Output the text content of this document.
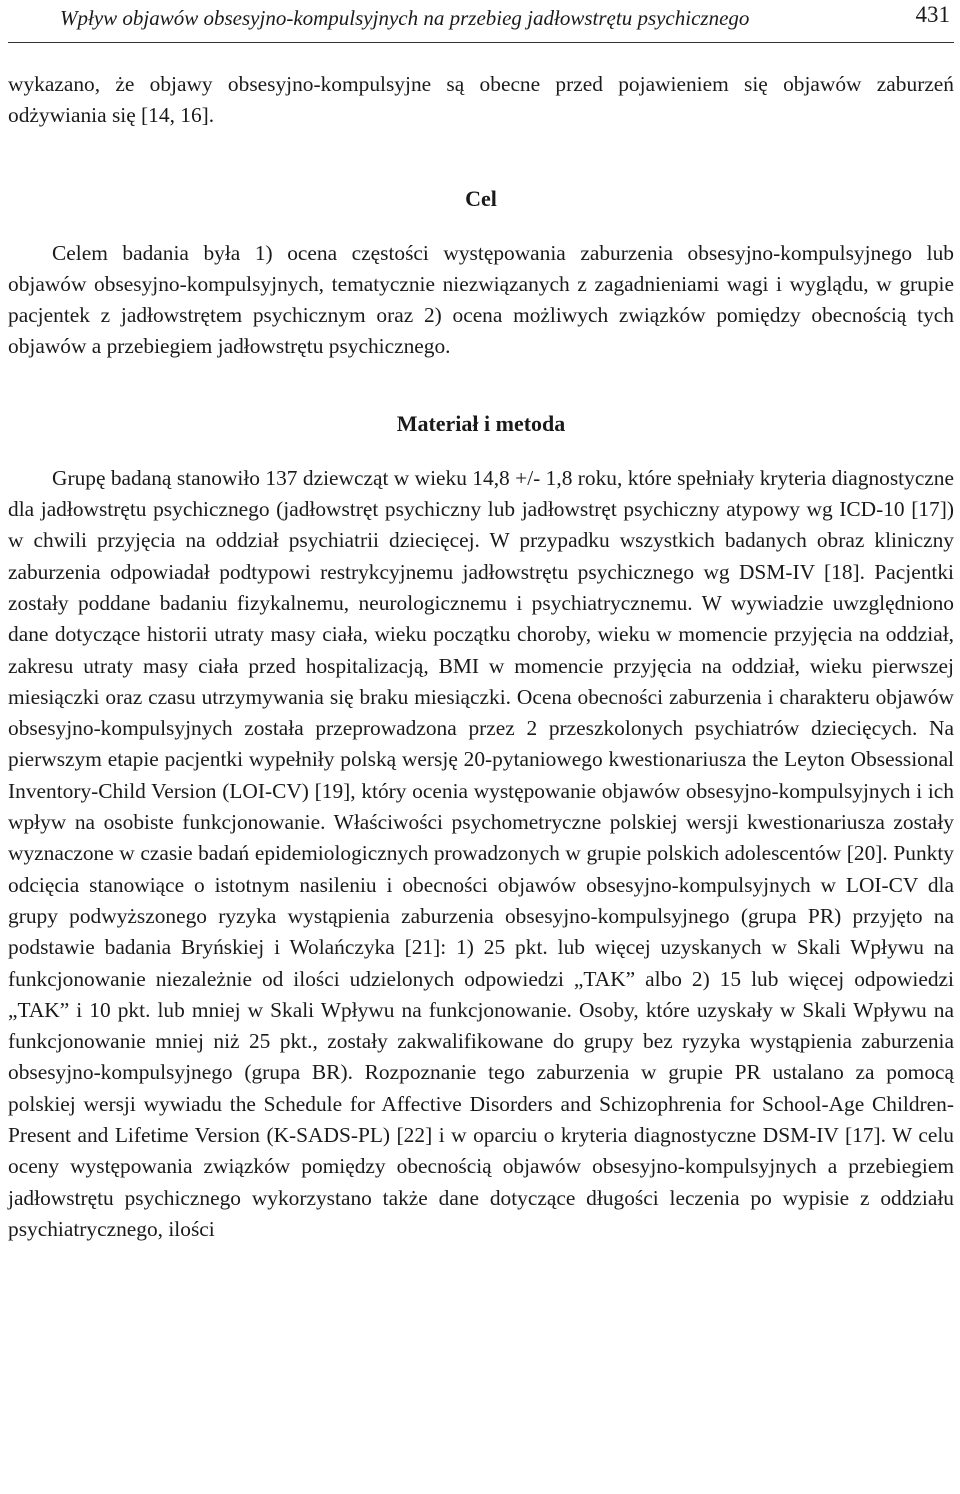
Wpływ objawów obsesyjno-kompulsyjnych na przebieg jadłowstrętu psychicznego	431

wykazano, że objawy obsesyjno-kompulsyjne są obecne przed pojawieniem się objawów zaburzeń odżywiania się [14, 16].

Cel

Celem badania była 1) ocena częstości występowania zaburzenia obsesyjno-kompulsyjnego lub objawów obsesyjno-kompulsyjnych, tematycznie niezwiązanych z zagadnieniami wagi i wyglądu, w grupie pacjentek z jadłowstrętem psychicznym oraz 2) ocena możliwych związków pomiędzy obecnością tych objawów a przebiegiem jadłowstrętu psychicznego.

Materiał i metoda

Grupę badaną stanowiło 137 dziewcząt w wieku 14,8 +/- 1,8 roku, które spełniały kryteria diagnostyczne dla jadłowstrętu psychicznego (jadłowstręt psychiczny lub jadłowstręt psychiczny atypowy wg ICD-10 [17]) w chwili przyjęcia na oddział psychiatrii dziecięcej. W przypadku wszystkich badanych obraz kliniczny zaburzenia odpowiadał podtypowi restrykcyjnemu jadłowstrętu psychicznego wg DSM-IV [18]. Pacjentki zostały poddane badaniu fizykalnemu, neurologicznemu i psychiatrycznemu. W wywiadzie uwzględniono dane dotyczące historii utraty masy ciała, wieku początku choroby, wieku w momencie przyjęcia na oddział, zakresu utraty masy ciała przed hospitalizacją, BMI w momencie przyjęcia na oddział, wieku pierwszej miesiączki oraz czasu utrzymywania się braku miesiączki. Ocena obecności zaburzenia i charakteru objawów obsesyjno-kompulsyjnych została przeprowadzona przez 2 przeszkolonych psychiatrów dziecięcych. Na pierwszym etapie pacjentki wypełniły polską wersję 20-pytaniowego kwestionariusza the Leyton Obsessional Inventory-Child Version (LOI-CV) [19], który ocenia występowanie objawów obsesyjno-kompulsyjnych i ich wpływ na osobiste funkcjonowanie. Właściwości psychometryczne polskiej wersji kwestionariusza zostały wyznaczone w czasie badań epidemiologicznych prowadzonych w grupie polskich adolescentów [20]. Punkty odcięcia stanowiące o istotnym nasileniu i obecności objawów obsesyjno-kompulsyjnych w LOI-CV dla grupy podwyższonego ryzyka wystąpienia zaburzenia obsesyjno-kompulsyjnego (grupa PR) przyjęto na podstawie badania Bryńskiej i Wolańczyka [21]: 1) 25 pkt. lub więcej uzyskanych w Skali Wpływu na funkcjonowanie niezależnie od ilości udzielonych odpowiedzi „TAK” albo 2) 15 lub więcej odpowiedzi „TAK” i 10 pkt. lub mniej w Skali Wpływu na funkcjonowanie. Osoby, które uzyskały w Skali Wpływu na funkcjonowanie mniej niż 25 pkt., zostały zakwalifikowane do grupy bez ryzyka wystąpienia zaburzenia obsesyjno-kompulsyjnego (grupa BR). Rozpoznanie tego zaburzenia w grupie PR ustalano za pomocą polskiej wersji wywiadu the Schedule for Affective Disorders and Schizophrenia for School-Age Children-Present and Lifetime Version (K-SADS-PL) [22] i w oparciu o kryteria diagnostyczne DSM-IV [17]. W celu oceny występowania związków pomiędzy obecnością objawów obsesyjno-kompulsyjnych a przebiegiem jadłowstrętu psychicznego wykorzystano także dane dotyczące długości leczenia po wypisie z oddziału psychiatrycznego, ilości
